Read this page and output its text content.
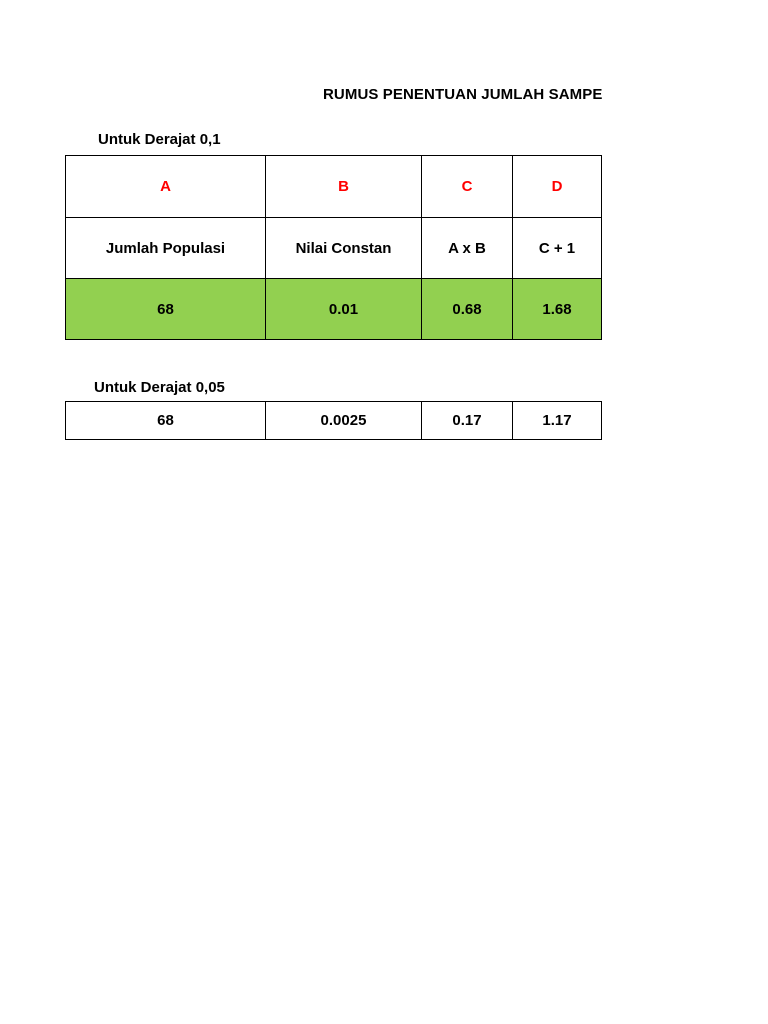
RUMUS PENENTUAN JUMLAH SAMPE
Untuk Derajat 0,1
A	B	C	D
Jumlah Populasi	Nilai Constan	A x B	C + 1
68	0.01	0.68	1.68
Untuk Derajat 0,05
68	0.0025	0.17	1.17
